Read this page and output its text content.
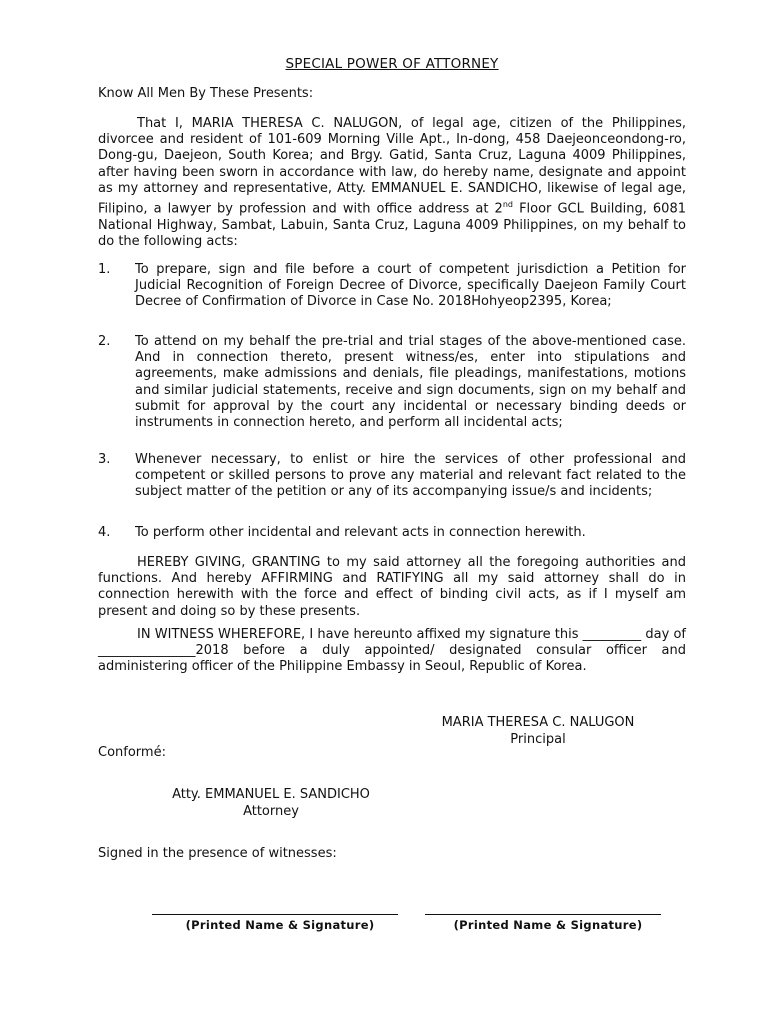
SPECIAL POWER OF ATTORNEY
Know All Men By These Presents:
That I, MARIA THERESA C. NALUGON, of legal age, citizen of the Philippines, divorcee and resident of 101-609 Morning Ville Apt., In-dong, 458 Daejeonceondong-ro, Dong-gu, Daejeon, South Korea; and Brgy. Gatid, Santa Cruz, Laguna 4009 Philippines, after having been sworn in accordance with law, do hereby name, designate and appoint as my attorney and representative, Atty. EMMANUEL E. SANDICHO, likewise of legal age, Filipino, a lawyer by profession and with office address at 2nd Floor GCL Building, 6081 National Highway, Sambat, Labuin, Santa Cruz, Laguna 4009 Philippines, on my behalf to do the following acts:
1. To prepare, sign and file before a court of competent jurisdiction a Petition for Judicial Recognition of Foreign Decree of Divorce, specifically Daejeon Family Court Decree of Confirmation of Divorce in Case No. 2018Hohyeop2395, Korea;
2. To attend on my behalf the pre-trial and trial stages of the above-mentioned case. And in connection thereto, present witness/es, enter into stipulations and agreements, make admissions and denials, file pleadings, manifestations, motions and similar judicial statements, receive and sign documents, sign on my behalf and submit for approval by the court any incidental or necessary binding deeds or instruments in connection hereto, and perform all incidental acts;
3. Whenever necessary, to enlist or hire the services of other professional and competent or skilled persons to prove any material and relevant fact related to the subject matter of the petition or any of its accompanying issue/s and incidents;
4. To perform other incidental and relevant acts in connection herewith.
HEREBY GIVING, GRANTING to my said attorney all the foregoing authorities and functions. And hereby AFFIRMING and RATIFYING all my said attorney shall do in connection herewith with the force and effect of binding civil acts, as if I myself am present and doing so by these presents.
IN WITNESS WHEREFORE, I have hereunto affixed my signature this _________ day of _______________2018 before a duly appointed/ designated consular officer and administering officer of the Philippine Embassy in Seoul, Republic of Korea.
MARIA THERESA C. NALUGON
Principal
Conformé:
Atty. EMMANUEL E. SANDICHO
Attorney
Signed in the presence of witnesses:
(Printed Name & Signature)	(Printed Name & Signature)
